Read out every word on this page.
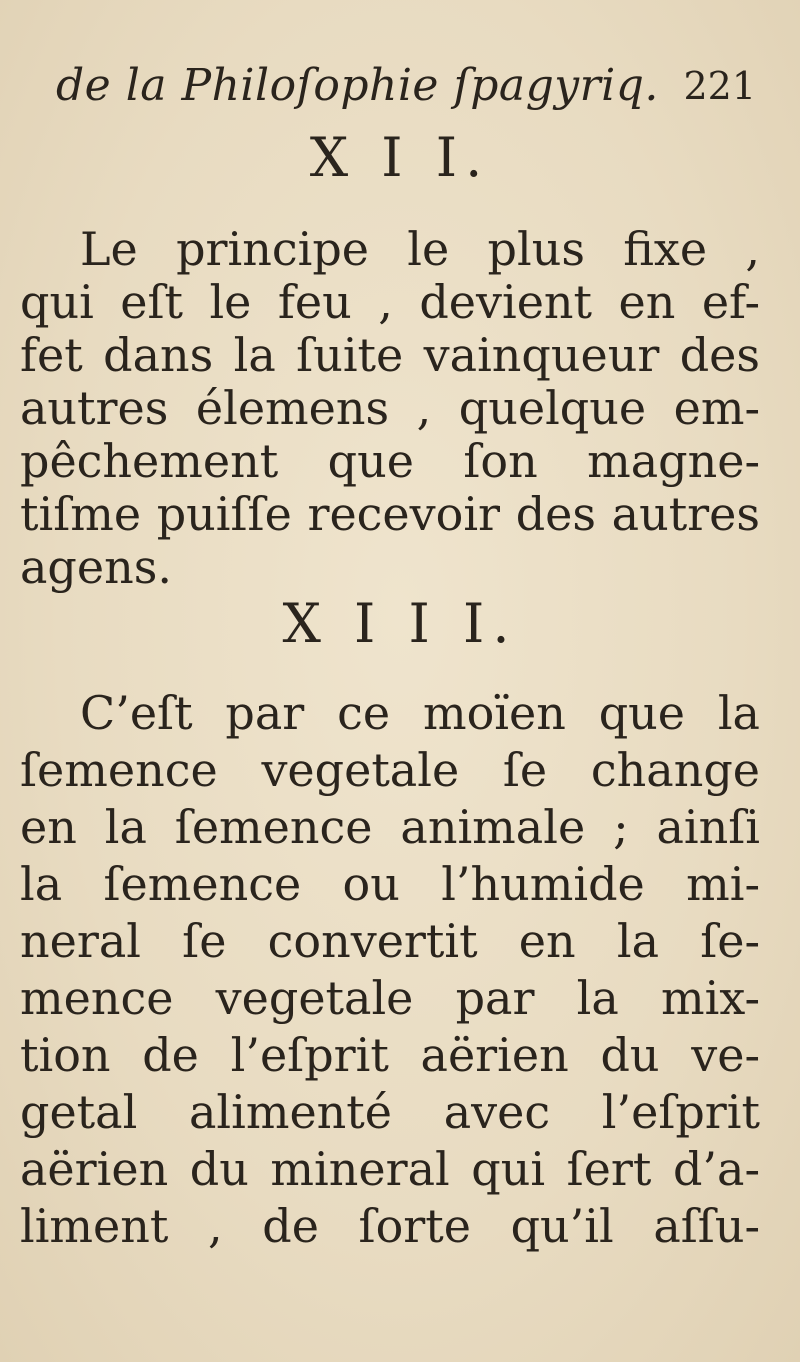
de la Philoſophie ſpagyriq. 221
X I I.
Le principe le plus fixe ,
qui eſt le feu , devient en ef-
fet dans la ſuite vainqueur des
autres élemens , quelque em-
pêchement que ſon magne-
tiſme puiſſe recevoir des autres
agens.
X I I I.
C’eſt par ce moïen que la
ſemence vegetale ſe change
en la ſemence animale ; ainſi
la ſemence ou l’humide mi-
neral ſe convertit en la ſe-
mence vegetale par la mix-
tion de l’eſprit aërien du ve-
getal alimenté avec l’eſprit
aërien du mineral qui ſert d’a-
liment , de ſorte qu’il aſſu-
